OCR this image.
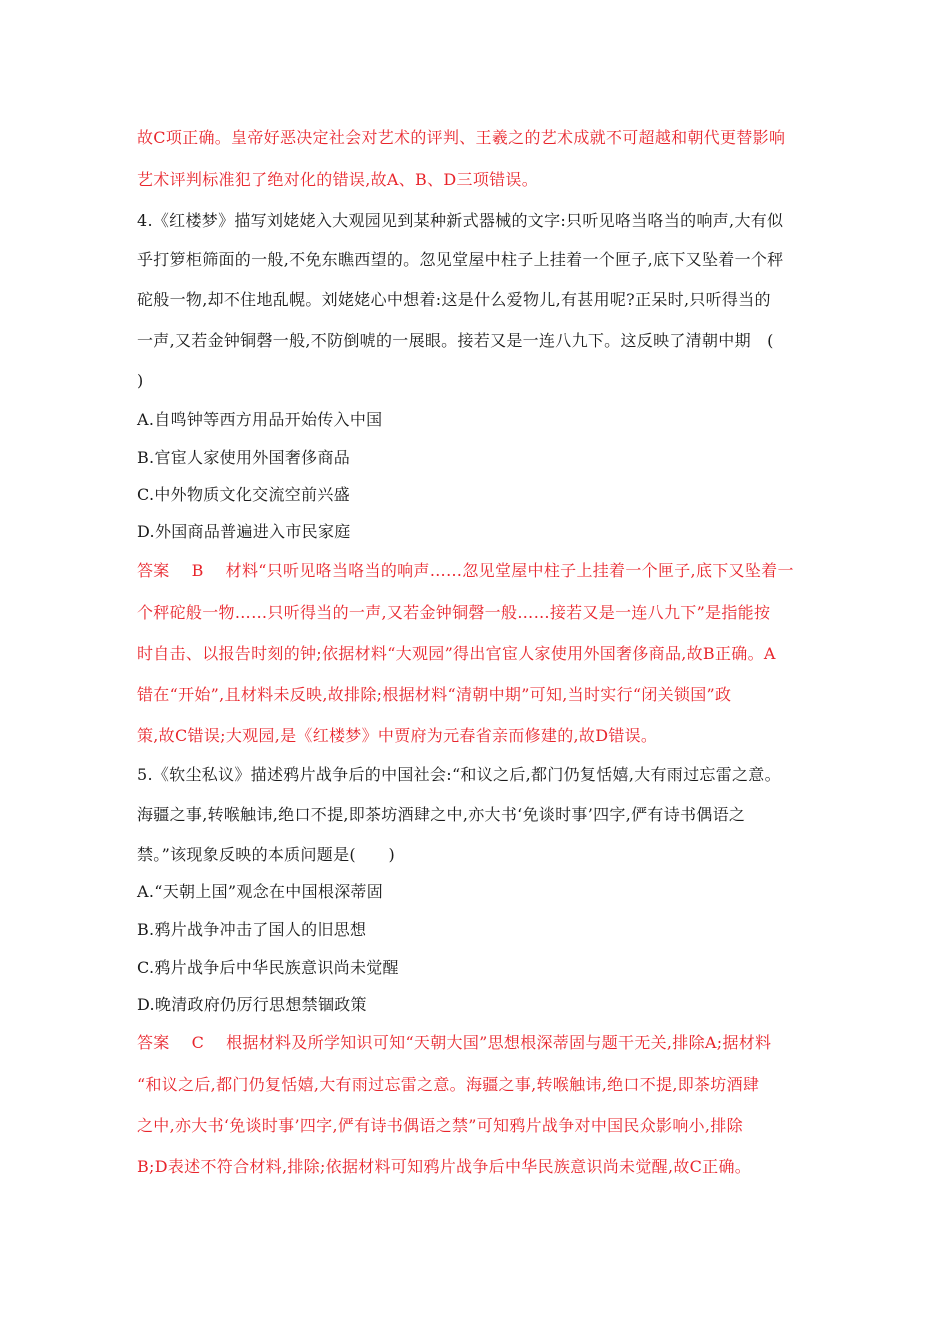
故C项正确。皇帝好恶决定社会对艺术的评判、王羲之的艺术成就不可超越和朝代更替影响
艺术评判标准犯了绝对化的错误,故A、B、D三项错误。
4.《红楼梦》描写刘姥姥入大观园见到某种新式器械的文字:只听见咯当咯当的响声,大有似
乎打箩柜筛面的一般,不免东瞧西望的。忽见堂屋中柱子上挂着一个匣子,底下又坠着一个秤
砣般一物,却不住地乱幌。刘姥姥心中想着:这是什么爱物儿,有甚用呢?正呆时,只听得当的
一声,又若金钟铜磬一般,不防倒唬的一展眼。接若又是一连八九下。这反映了清朝中期　(
)
A.自鸣钟等西方用品开始传入中国
B.官宦人家使用外国奢侈商品
C.中外物质文化交流空前兴盛
D.外国商品普遍进入市民家庭
答案 B 材料“只听见咯当咯当的响声……忽见堂屋中柱子上挂着一个匣子,底下又坠着一
个秤砣般一物……只听得当的一声,又若金钟铜磬一般……接若又是一连八九下”是指能按
时自击、以报告时刻的钟;依据材料“大观园”得出官宦人家使用外国奢侈商品,故B正确。A
错在“开始”,且材料未反映,故排除;根据材料“清朝中期”可知,当时实行“闭关锁国”政
策,故C错误;大观园,是《红楼梦》中贾府为元春省亲而修建的,故D错误。
5.《软尘私议》描述鸦片战争后的中国社会:“和议之后,都门仍复恬嬉,大有雨过忘雷之意。
海疆之事,转喉触讳,绝口不提,即茶坊酒肆之中,亦大书‘免谈时事’四字,俨有诗书偶语之
禁。”该现象反映的本质问题是(　　)
A.“天朝上国”观念在中国根深蒂固
B.鸦片战争冲击了国人的旧思想
C.鸦片战争后中华民族意识尚未觉醒
D.晚清政府仍厉行思想禁锢政策
答案 C 根据材料及所学知识可知“天朝大国”思想根深蒂固与题干无关,排除A;据材料
“和议之后,都门仍复恬嬉,大有雨过忘雷之意。海疆之事,转喉触讳,绝口不提,即茶坊酒肆
之中,亦大书‘免谈时事’四字,俨有诗书偶语之禁”可知鸦片战争对中国民众影响小,排除
B;D表述不符合材料,排除;依据材料可知鸦片战争后中华民族意识尚未觉醒,故C正确。
